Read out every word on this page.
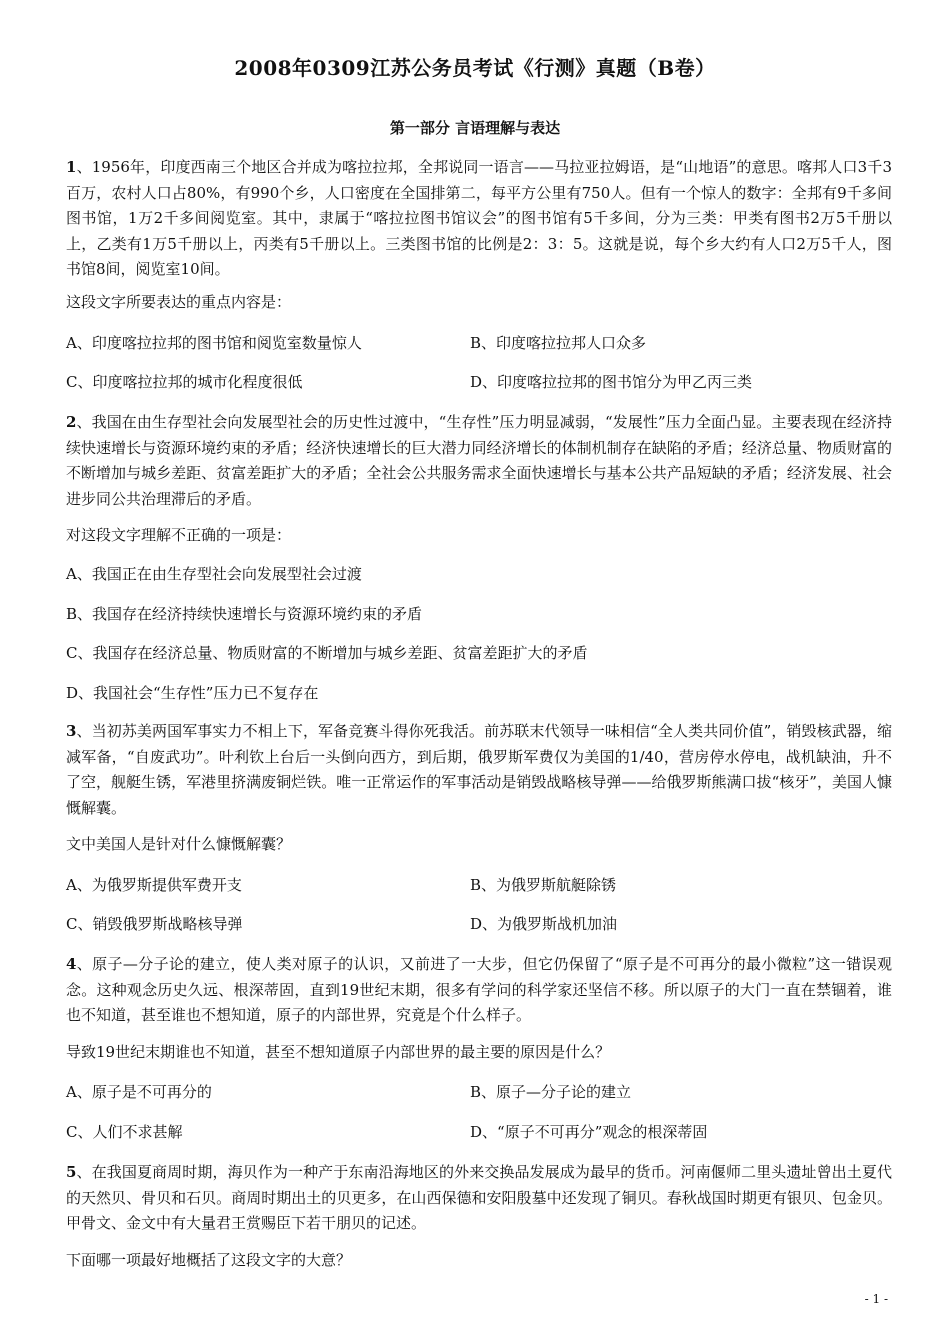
2008年0309江苏公务员考试《行测》真题（B卷）
第一部分 言语理解与表达
1、1956年，印度西南三个地区合并成为喀拉拉邦，全邦说同一语言——马拉亚拉姆语，是“山地语”的意思。喀邦人口3千3百万，农村人口占80%，有990个乡，人口密度在全国排第二，每平方公里有750人。但有一个惊人的数字：全邦有9千多间图书馆，1万2千多间阅览室。其中，隶属于“喀拉拉图书馆议会”的图书馆有5千多间，分为三类：甲类有图书2万5千册以上，乙类有1万5千册以上，丙类有5千册以上。三类图书馆的比例是2：3：5。这就是说，每个乡大约有人口2万5千人，图书馆8间，阅览室10间。
这段文字所要表达的重点内容是：
A、印度喀拉拉邦的图书馆和阅览室数量惊人	B、印度喀拉拉邦人口众多
C、印度喀拉拉邦的城市化程度很低	D、印度喀拉拉邦的图书馆分为甲乙丙三类
2、我国在由生存型社会向发展型社会的历史性过渡中，“生存性”压力明显减弱，“发展性”压力全面凸显。主要表现在经济持续快速增长与资源环境约束的矛盾；经济快速增长的巨大潜力同经济增长的体制机制存在缺陷的矛盾；经济总量、物质财富的不断增加与城乡差距、贫富差距扩大的矛盾；全社会公共服务需求全面快速增长与基本公共产品短缺的矛盾；经济发展、社会进步同公共治理滞后的矛盾。
对这段文字理解不正确的一项是：
A、我国正在由生存型社会向发展型社会过渡
B、我国存在经济持续快速增长与资源环境约束的矛盾
C、我国存在经济总量、物质财富的不断增加与城乡差距、贫富差距扩大的矛盾
D、我国社会“生存性”压力已不复存在
3、当初苏美两国军事实力不相上下，军备竞赛斗得你死我活。前苏联末代领导一味相信“全人类共同价值”，销毁核武器，缩减军备，“自废武功”。叶利钦上台后一头倒向西方，到后期，俄罗斯军费仅为美国的1/40，营房停水停电，战机缺油，升不了空，舰艇生锈，军港里挤满废铜烂铁。唯一正常运作的军事活动是销毁战略核导弹——给俄罗斯熊满口拔“核牙”，美国人慷慨解囊。
文中美国人是针对什么慷慨解囊？
A、为俄罗斯提供军费开支	B、为俄罗斯航艇除锈
C、销毁俄罗斯战略核导弹	D、为俄罗斯战机加油
4、原子—分子论的建立，使人类对原子的认识，又前进了一大步，但它仍保留了“原子是不可再分的最小微粒”这一错误观念。这种观念历史久远、根深蒂固，直到19世纪末期，很多有学问的科学家还坚信不移。所以原子的大门一直在禁锢着，谁也不知道，甚至谁也不想知道，原子的内部世界，究竟是个什么样子。
导致19世纪末期谁也不知道，甚至不想知道原子内部世界的最主要的原因是什么？
A、原子是不可再分的	B、原子—分子论的建立
C、人们不求甚解	D、“原子不可再分”观念的根深蒂固
5、在我国夏商周时期，海贝作为一种产于东南沿海地区的外来交换品发展成为最早的货币。河南偃师二里头遗址曾出土夏代的天然贝、骨贝和石贝。商周时期出土的贝更多，在山西保德和安阳殷墓中还发现了铜贝。春秋战国时期更有银贝、包金贝。甲骨文、金文中有大量君王赏赐臣下若干朋贝的记述。
下面哪一项最好地概括了这段文字的大意？
- 1 -
